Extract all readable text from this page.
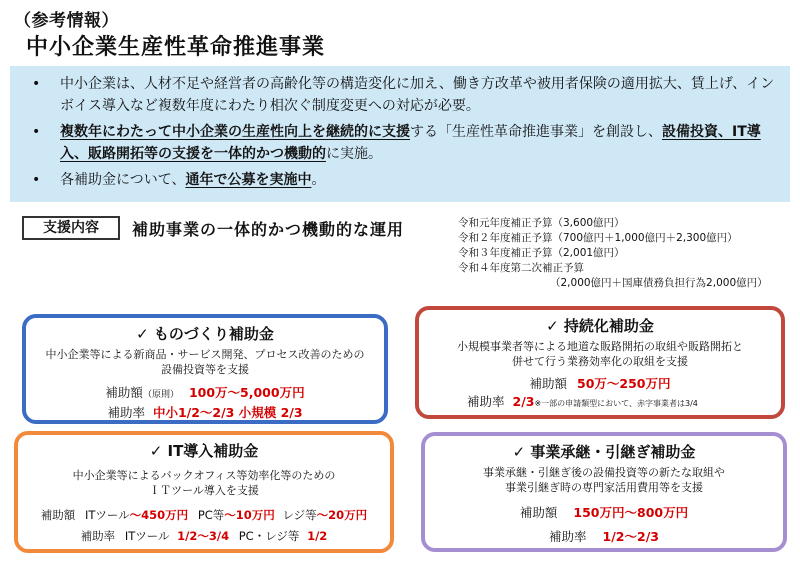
（参考情報）
中小企業生産性革命推進事業
•	中小企業は、人材不足や経営者の高齢化等の構造変化に加え、働き方改革や被用者保険の適用拡大、賃上げ、インボイス導入など複数年度にわたり相次ぐ制度変更への対応が必要。
•	複数年にわたって中小企業の生産性向上を継続的に支援する「生産性革命推進事業」を創設し、設備投資、IT導入、販路開拓等の支援を一体的かつ機動的に実施。
•	各補助金について、通年で公募を実施中。
支援内容	補助事業の一体的かつ機動的な運用	令和元年度補正予算（3,600億円）
令和２年度補正予算（700億円＋1,000億円＋2,300億円）
令和３年度補正予算（2,001億円）
令和４年度第二次補正予算
（2,000億円＋国庫債務負担行為2,000億円）
✓ ものづくり補助金
中小企業等による新商品・サービス開発、プロセス改善のための
設備投資等を支援
補助額（原則） 100万～5,000万円
補助率 中小1/2～2/3 小規模 2/3
✓ 持続化補助金
小規模事業者等による地道な販路開拓の取組や販路開拓と
併せて行う業務効率化の取組を支援
補助額 50万～250万円
補助率 2/3※一部の申請類型において、赤字事業者は3/4
✓ IT導入補助金
中小企業等によるバックオフィス等効率化等のための
ＩＴツール導入を支援
補助額 ITツール～450万円 PC等～10万円 レジ等～20万円
補助率 ITツール 1/2～3/4 PC・レジ等 1/2
✓ 事業承継・引継ぎ補助金
事業承継・引継ぎ後の設備投資等の新たな取組や
事業引継ぎ時の専門家活用費用等を支援
補助額 150万円～800万円
補助率 1/2～2/3
